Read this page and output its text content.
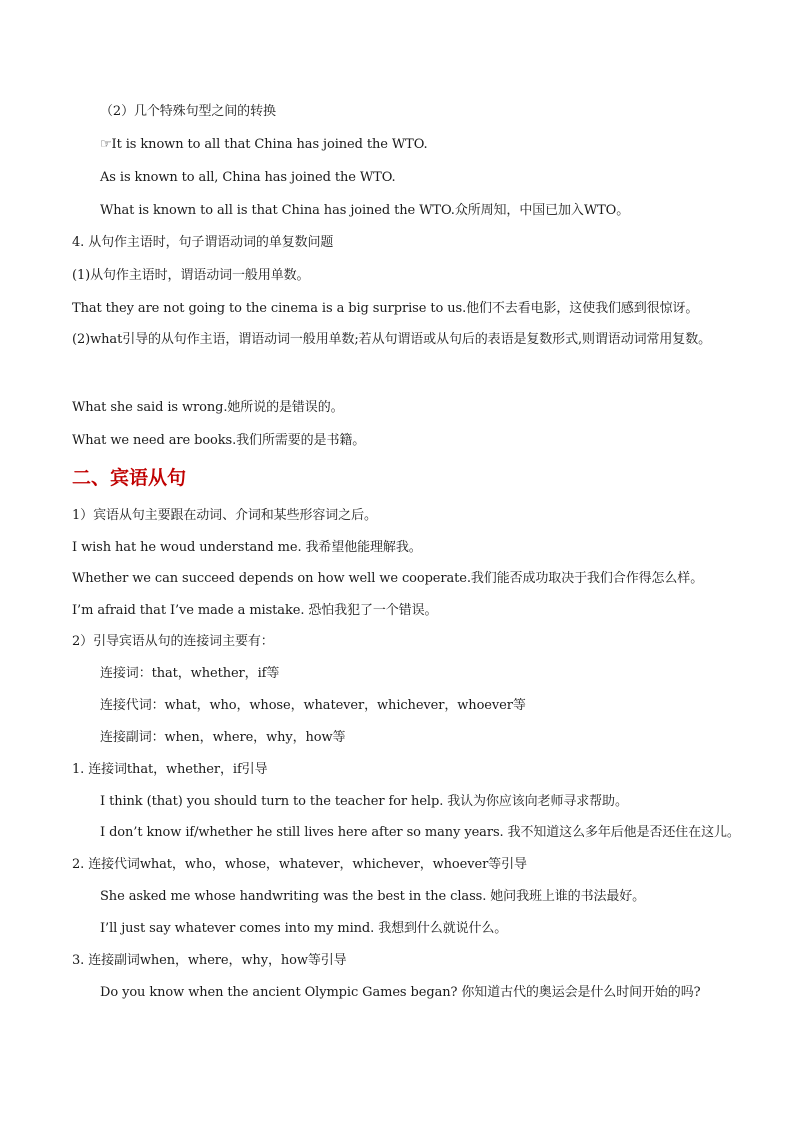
（2）几个特殊句型之间的转换
☞It is known to all that China has joined the WTO.
As is known to all, China has joined the WTO.
What is known to all is that China has joined the WTO.众所周知，中国已加入WTO。
4. 从句作主语时，句子谓语动词的单复数问题
(1)从句作主语时，谓语动词一般用单数。
That they are not going to the cinema is a big surprise to us.他们不去看电影，这使我们感到很惊讶。
(2)what引导的从句作主语，谓语动词一般用单数;若从句谓语或从句后的表语是复数形式,则谓语动词常用复数。
What she said is wrong.她所说的是错误的。
What we need are books.我们所需要的是书籍。
二、宾语从句
1）宾语从句主要跟在动词、介词和某些形容词之后。
I wish hat he woud understand me. 我希望他能理解我。
Whether we can succeed depends on how well we cooperate.我们能否成功取决于我们合作得怎么样。
I’m afraid that I’ve made a mistake. 恐怕我犯了一个错误。
2）引导宾语从句的连接词主要有：
连接词：that，whether，if等
连接代词：what，who，whose，whatever，whichever，whoever等
连接副词：when，where，why，how等
1. 连接词that，whether，if引导
I think (that) you should turn to the teacher for help. 我认为你应该向老师寻求帮助。
I don’t know if/whether he still lives here after so many years. 我不知道这么多年后他是否还住在这儿。
2. 连接代词what，who，whose，whatever，whichever，whoever等引导
She asked me whose handwriting was the best in the class. 她问我班上谁的书法最好。
I’ll just say whatever comes into my mind. 我想到什么就说什么。
3. 连接副词when，where，why，how等引导
Do you know when the ancient Olympic Games began? 你知道古代的奥运会是什么时间开始的吗?
